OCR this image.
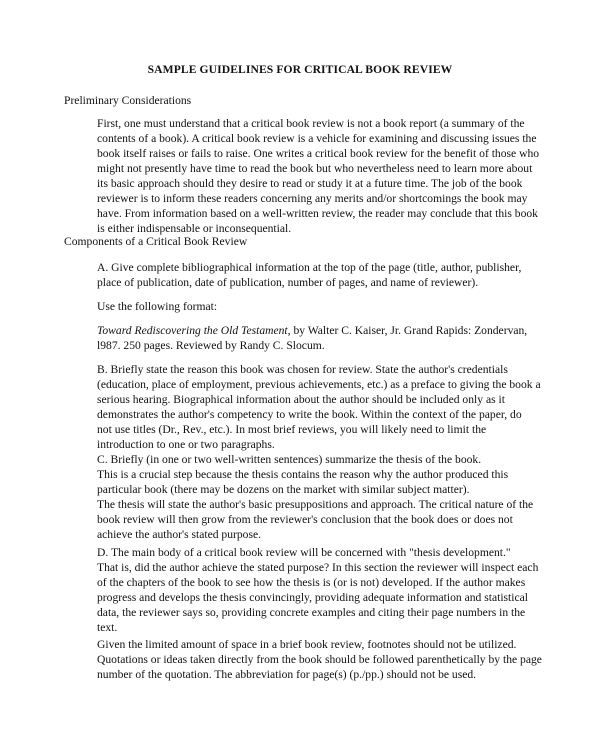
SAMPLE GUIDELINES FOR CRITICAL BOOK REVIEW
Preliminary Considerations
First, one must understand that a critical book review is not a book report (a summary of the
contents of a book). A critical book review is a vehicle for examining and discussing issues the
book itself raises or fails to raise. One writes a critical book review for the benefit of those who
might not presently have time to read the book but who nevertheless need to learn more about
its basic approach should they desire to read or study it at a future time. The job of the book
reviewer is to inform these readers concerning any merits and/or shortcomings the book may
have. From information based on a well-written review, the reader may conclude that this book
is either indispensable or inconsequential.
Components of a Critical Book Review
A. Give complete bibliographical information at the top of the page (title, author, publisher,
place of publication, date of publication, number of pages, and name of reviewer).
Use the following format:
Toward Rediscovering the Old Testament, by Walter C. Kaiser, Jr. Grand Rapids: Zondervan,
l987. 250 pages. Reviewed by Randy C. Slocum.
B. Briefly state the reason this book was chosen for review. State the author's credentials
(education, place of employment, previous achievements, etc.) as a preface to giving the book a
serious hearing. Biographical information about the author should be included only as it
demonstrates the author's competency to write the book. Within the context of the paper, do
not use titles (Dr., Rev., etc.). In most brief reviews, you will likely need to limit the
introduction to one or two paragraphs.
C. Briefly (in one or two well-written sentences) summarize the thesis of the book.
This is a crucial step because the thesis contains the reason why the author produced this
particular book (there may be dozens on the market with similar subject matter).
The thesis will state the author's basic presuppositions and approach. The critical nature of the
book review will then grow from the reviewer's conclusion that the book does or does not
achieve the author's stated purpose.
D. The main body of a critical book review will be concerned with "thesis development."
That is, did the author achieve the stated purpose? In this section the reviewer will inspect each
of the chapters of the book to see how the thesis is (or is not) developed. If the author makes
progress and develops the thesis convincingly, providing adequate information and statistical
data, the reviewer says so, providing concrete examples and citing their page numbers in the
text.
Given the limited amount of space in a brief book review, footnotes should not be utilized.
Quotations or ideas taken directly from the book should be followed parenthetically by the page
number of the quotation. The abbreviation for page(s) (p./pp.) should not be used.
